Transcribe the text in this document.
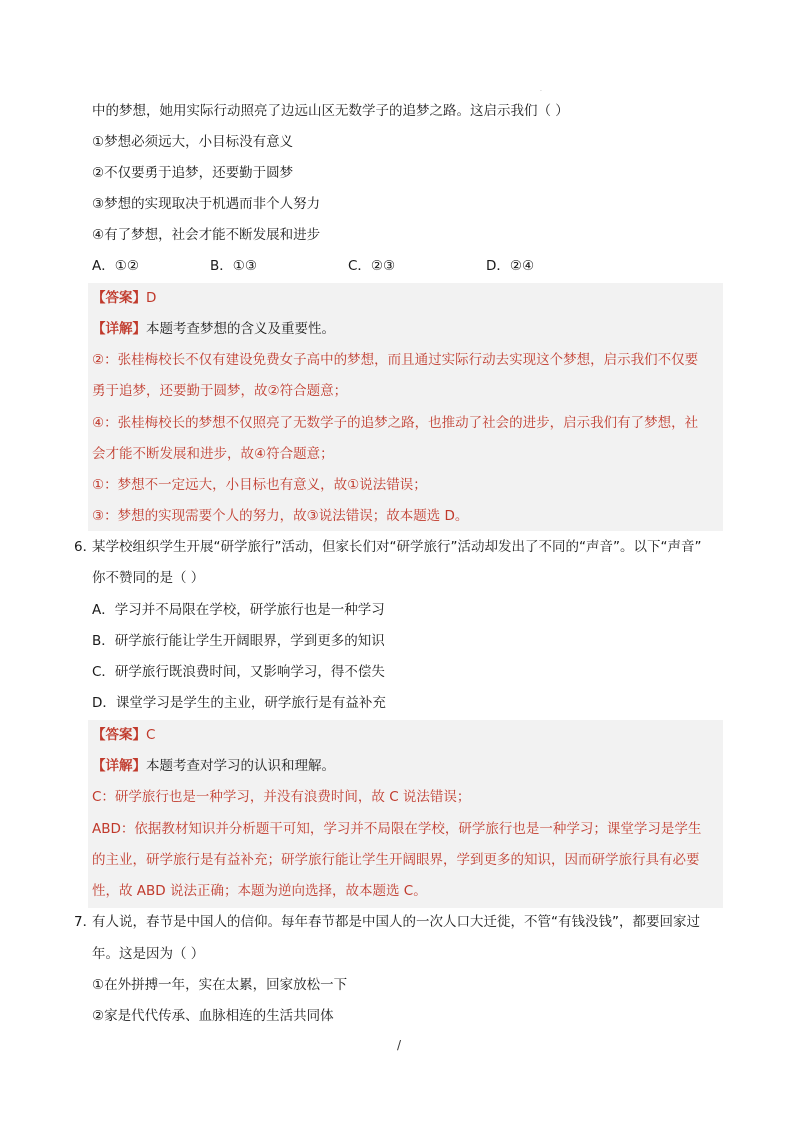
.
中的梦想，她用实际行动照亮了边远山区无数学子的追梦之路。这启示我们（ ）
①梦想必须远大，小目标没有意义
②不仅要勇于追梦，还要勤于圆梦
③梦想的实现取决于机遇而非个人努力
④有了梦想，社会才能不断发展和进步
A．①②	B．①③	C．②③	D．②④
【答案】D
【详解】本题考查梦想的含义及重要性。
②：张桂梅校长不仅有建设免费女子高中的梦想，而且通过实际行动去实现这个梦想，启示我们不仅要
勇于追梦，还要勤于圆梦，故②符合题意；
④：张桂梅校长的梦想不仅照亮了无数学子的追梦之路，也推动了社会的进步，启示我们有了梦想，社
会才能不断发展和进步，故④符合题意；
①：梦想不一定远大，小目标也有意义，故①说法错误；
③：梦想的实现需要个人的努力，故③说法错误；故本题选 D。
6．
某学校组织学生开展“研学旅行”活动，但家长们对“研学旅行”活动却发出了不同的“声音”。以下“声音”
你不赞同的是（ ）
A．学习并不局限在学校，研学旅行也是一种学习
B．研学旅行能让学生开阔眼界，学到更多的知识
C．研学旅行既浪费时间，又影响学习，得不偿失
D．课堂学习是学生的主业，研学旅行是有益补充
【答案】C
【详解】本题考查对学习的认识和理解。
C：研学旅行也是一种学习，并没有浪费时间，故 C 说法错误；
ABD：依据教材知识并分析题干可知，学习并不局限在学校，研学旅行也是一种学习；课堂学习是学生
的主业，研学旅行是有益补充；研学旅行能让学生开阔眼界，学到更多的知识，因而研学旅行具有必要
性，故 ABD 说法正确；本题为逆向选择，故本题选 C。
7．
有人说，春节是中国人的信仰。每年春节都是中国人的一次人口大迁徙，不管“有钱没钱”，都要回家过
年。这是因为（ ）
①在外拼搏一年，实在太累，回家放松一下
②家是代代传承、血脉相连的生活共同体
/
